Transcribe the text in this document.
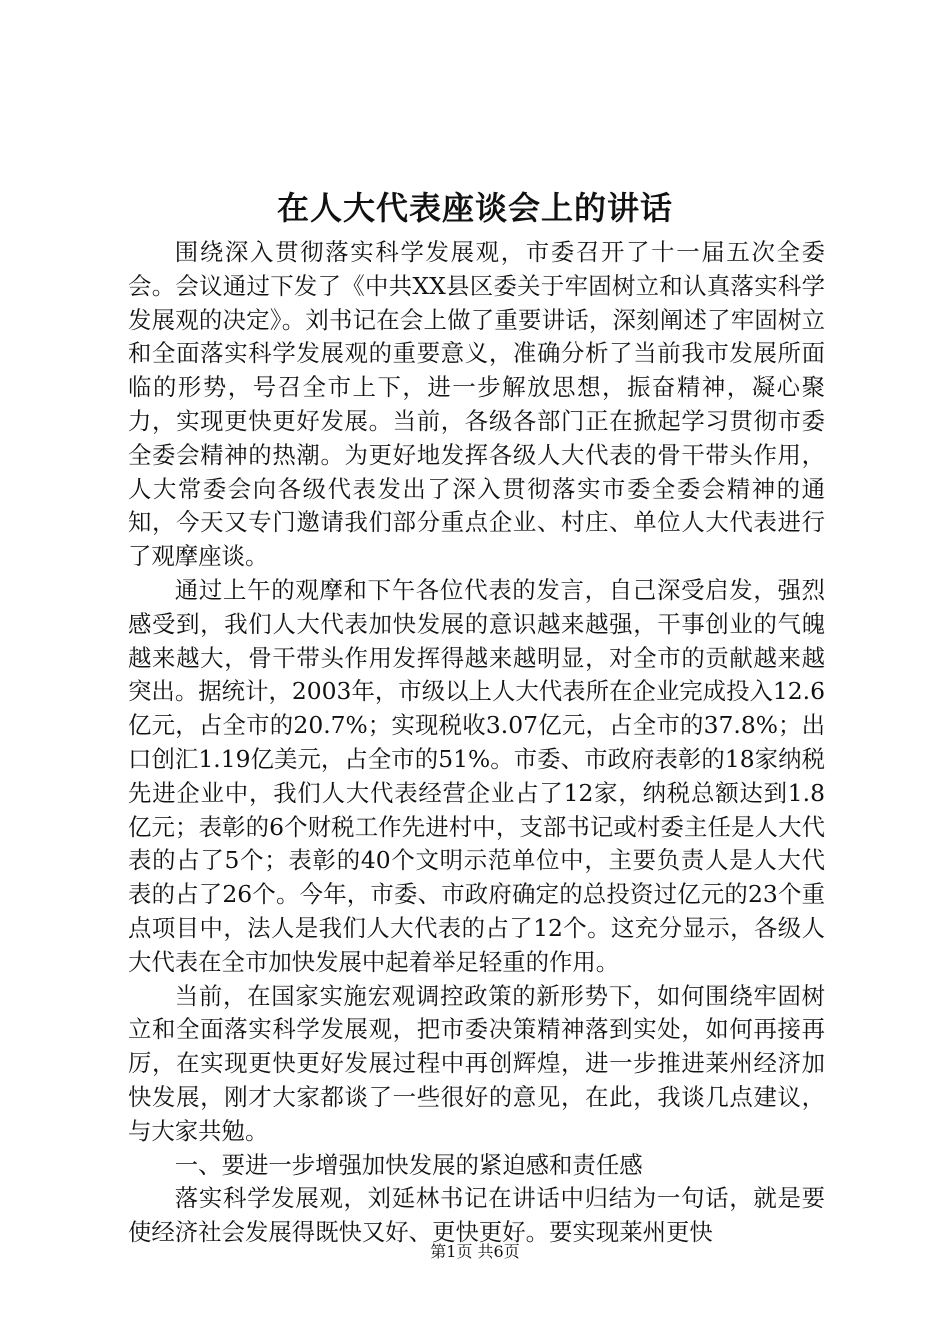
在人大代表座谈会上的讲话

围绕深入贯彻落实科学发展观，市委召开了十一届五次全委会。会议通过下发了《中共XX县区委关于牢固树立和认真落实科学发展观的决定》。刘书记在会上做了重要讲话，深刻阐述了牢固树立和全面落实科学发展观的重要意义，准确分析了当前我市发展所面临的形势，号召全市上下，进一步解放思想，振奋精神，凝心聚力，实现更快更好发展。当前，各级各部门正在掀起学习贯彻市委全委会精神的热潮。为更好地发挥各级人大代表的骨干带头作用，人大常委会向各级代表发出了深入贯彻落实市委全委会精神的通知，今天又专门邀请我们部分重点企业、村庄、单位人大代表进行了观摩座谈。

通过上午的观摩和下午各位代表的发言，自己深受启发，强烈感受到，我们人大代表加快发展的意识越来越强，干事创业的气魄越来越大，骨干带头作用发挥得越来越明显，对全市的贡献越来越突出。据统计，2003年，市级以上人大代表所在企业完成投入12.6亿元，占全市的20.7%；实现税收3.07亿元，占全市的37.8%；出口创汇1.19亿美元，占全市的51%。市委、市政府表彰的18家纳税先进企业中，我们人大代表经营企业占了12家，纳税总额达到1.8亿元；表彰的6个财税工作先进村中，支部书记或村委主任是人大代表的占了5个；表彰的40个文明示范单位中，主要负责人是人大代表的占了26个。今年，市委、市政府确定的总投资过亿元的23个重点项目中，法人是我们人大代表的占了12个。这充分显示，各级人大代表在全市加快发展中起着举足轻重的作用。

当前，在国家实施宏观调控政策的新形势下，如何围绕牢固树立和全面落实科学发展观，把市委决策精神落到实处，如何再接再厉，在实现更快更好发展过程中再创辉煌，进一步推进莱州经济加快发展，刚才大家都谈了一些很好的意见，在此，我谈几点建议，与大家共勉。

一、要进一步增强加快发展的紧迫感和责任感

落实科学发展观，刘延林书记在讲话中归结为一句话，就是要使经济社会发展得既快又好、更快更好。要实现莱州更快

第1页 共6页
